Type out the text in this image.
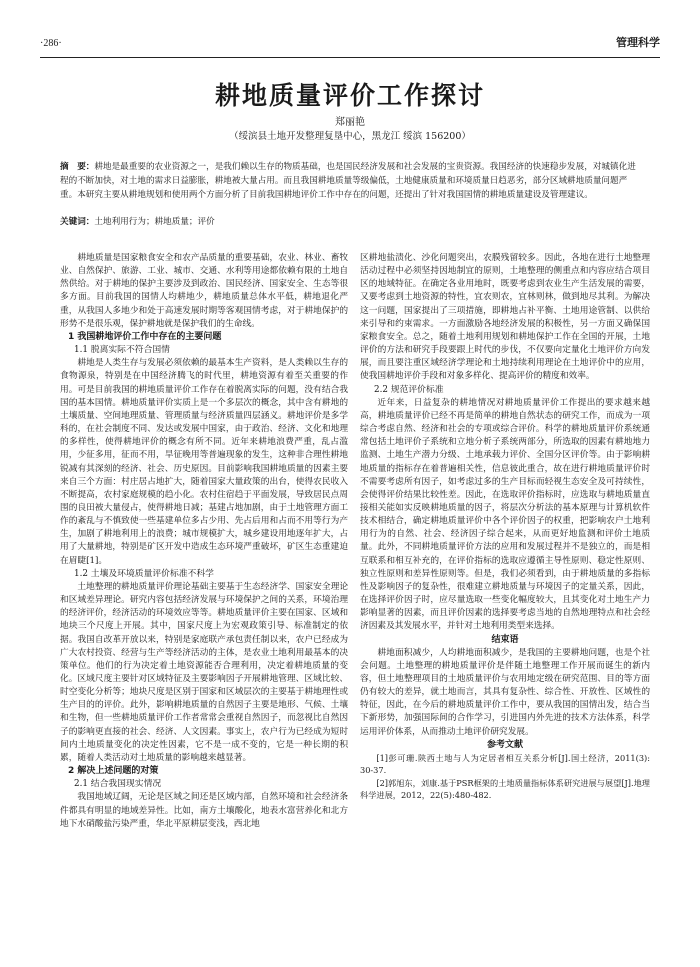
·286·	管理科学
耕地质量评价工作探讨
郑丽艳
（绥滨县土地开发整理复垦中心，黑龙江 绥滨 156200）
摘　要：耕地是最重要的农业资源之一，是我们赖以生存的物质基础，也是国民经济发展和社会发展的宝贵资源。我国经济的快速稳步发展，对城镇化进程的不断加快，对土地的需求日益膨胀，耕地被大量占用。而且我国耕地质量等级偏低，土地健康质量和环境质量日趋恶劣，部分区域耕地质量问题严重。本研究主要从耕地规划和使用两个方面分析了目前我国耕地评价工作中存在的问题，还提出了针对我国国情的耕地质量建设及管理建议。
关键词：土地利用行为；耕地质量；评价

耕地质量是国家粮食安全和农产品质量的重要基础，农业、林业、畜牧业、自然保护、旅游、工业、城市、交通、水利等用途都依赖有限的土地自然供给。对于耕地的保护主要涉及到政治、国民经济、国家安全、生态等很多方面。目前我国的国情人均耕地少，耕地质量总体水平低，耕地退化严重，从我国人多地少和处于高速发展时期等客观国情考虑，对于耕地保护的形势不是很乐观，保护耕地就是保护我们的生命线。

1 我国耕地评价工作中存在的主要问题
1.1 脱离实际不符合国情

耕地是人类生存与发展必须依赖的最基本生产资料，是人类赖以生存的食物源泉，特别是在中国经济腾飞的时代里，耕地资源有着至关重要的作用。可是目前我国的耕地质量评价工作存在着脱离实际的问题，没有结合我国的基本国情。耕地质量评价实质上是一个多层次的概念，其中含有耕地的土壤质量、空间地理质量、管理质量与经济质量四层涵义。耕地评价是多学科的，在社会制度不同、发达或发展中国家，由于政治、经济、文化和地理的多样性，使得耕地评价的概念有所不同。近年来耕地浪费严重，乱占滥用，少征多用，征而不用，旱征晚用等普遍现象的发生，这种非合理性耕地锐减有其深刻的经济、社会、历史原因。目前影响我国耕地质量的因素主要来自三个方面：村庄居占地扩大，随着国家大量政策的出台，使得农民收入不断提高，农村家庭规模的趋小化。农村住宿趋于平面发展，导致居民点周围的良田被大量侵占，使得耕地日减；基建占地加剧，由于土地管理方面工作的紊乱与不慎致使一些基建单位多占少用、先占后用和占而不用等行为产生，加剧了耕地利用上的浪费；城市规模扩大，城乡建设用地逐年扩大，占用了大量耕地，特别是矿区开发中造成生态环境严重破坏，矿区生态重建迫在眉睫[1]。

1.2 土壤及环境质量评价标准不科学

土地整理的耕地质量评价理论基础主要基于生态经济学、国家安全理论和区域差异理论。研究内容包括经济发展与环境保护之间的关系，环境治理的经济评价，经济活动的环境效应等等。耕地质量评价主要在国家、区域和地块三个尺度上开展。其中，国家尺度上为宏观政策引导、标准制定的依据。我国自改革开放以来，特别是家庭联产承包责任制以来，农户已经成为广大农村投资、经营与生产等经济活动的主体，是农业土地利用最基本的决策单位。他们的行为决定着土地资源能否合理利用，决定着耕地质量的变化。区域尺度主要针对区域特征及主要影响因子开展耕地管理、区域比较、时空变化分析等；地块尺度是区别于国家和区域层次的主要基于耕地理性或生产目的的评价。此外，影响耕地质量的自然因子主要是地形、气候、土壤和生物，但一些耕地质量评价工作者常常会重视自然因子，而忽视比自然因子的影响更直接的社会、经济、人文因素。事实上，农户行为已经成为短时间内土地质量变化的决定性因素，它不是一成不变的，它是一种长期的积累，随着人类活动对土地质量的影响越来越显著。

2 解决上述问题的对策
2.1 结合我国现实情况

我国地域辽阔，无论是区域之间还是区域内部，自然环境和社会经济条件都具有明显的地域差异性。比如，南方土壤酸化，地表水富营养化和北方地下水硝酸盐污染严重，华北平原耕层变浅，西北地

区耕地盐渍化、沙化问题突出，农膜残留较多。因此，各地在进行土地整理活动过程中必须坚持因地制宜的原则，土地整理的侧重点和内容应结合项目区的地域特征。在确定各业用地时，既要考虑到农业生产生活发展的需要，又要考虑到土地资源的特性，宜农则农，宜林则林，做到地尽其利。为解决这一问题，国家提出了三项措施，即耕地占补平衡、土地用途管制、以供给来引导和约束需求。一方面激励各地经济发展的积极性，另一方面又确保国家粮食安全。总之，随着土地利用规划和耕地保护工作在全国的开展，土地评价的方法和研究手段要跟上时代的步伐，不仅要向定量化土地评价方向发展，而且要注重区域经济学理论和土地持续利用理论在土地评价中的应用，使我国耕地评价手段和对象多样化、提高评价的精度和效率。

2.2 规范评价标准

近年来，日益复杂的耕地情况对耕地质量评价工作提出的要求越来越高，耕地质量评价已经不再是简单的耕地自然状态的研究工作，而成为一项综合考虑自然、经济和社会的专项或综合评价。科学的耕地质量评价系统通常包括土地评价子系统和立地分析子系统两部分，所选取的因素有耕地地力监测、土地生产潜力分级、土地承载力评价、全国分区评价等。由于影响耕地质量的指标存在着普遍相关性，信息彼此重合，故在进行耕地质量评价时不需要考虑所有因子，如考虑过多的生产目标而轻视生态安全及可持续性，会使得评价结果比较性差。因此，在选取评价指标时，应选取与耕地质量直接相关能如实反映耕地质量的因子，将层次分析法的基本原理与计算机软件技术相结合，确定耕地质量评价中各个评价因子的权重，把影响农户土地利用行为的自然、社会、经济因子综合起来，从而更好地监测和评价土地质量。此外，不同耕地质量评价方法的应用和发展过程并不是独立的，而是相互联系和相互补充的，在评价指标的选取应遵循主导性原则、稳定性原则、独立性原则和差异性原则等。但是，我们必须看到，由于耕地质量的多指标性及影响因子的复杂性，很难建立耕地质量与环境因子的定量关系，因此，在选择评价因子时，应尽量选取一些变化幅度较大，且其变化对土地生产力影响显著的因素，而且评价因素的选择要考虑当地的自然地理特点和社会经济因素及其发展水平，并针对土地利用类型来选择。

结束语

耕地面积减少，人均耕地面积减少，是我国的主要耕地问题，也是个社会问题。土地整理的耕地质量评价是伴随土地整理工作开展而诞生的新内容，但土地整理项目的土地质量评价与农用地定级在研究范围、目的等方面仍有较大的差异，就土地而言，其具有复杂性、综合性、开放性、区域性的特征，因此，在今后的耕地质量评价工作中，要从我国的国情出发，结合当下新形势，加强国际间的合作学习，引进国内外先进的技术方法体系，科学运用评价体系，从而推动土地评价研究发展。

参考文献

[1]彭可珊.陕西土地与人为定居者相互关系分析[J].国土经济，2011(3): 30-37.

[2]郭旭东，刘康.基于PSR框架的土地质量指标体系研究进展与展望[J].地理科学进展，2012，22(5):480-482.
